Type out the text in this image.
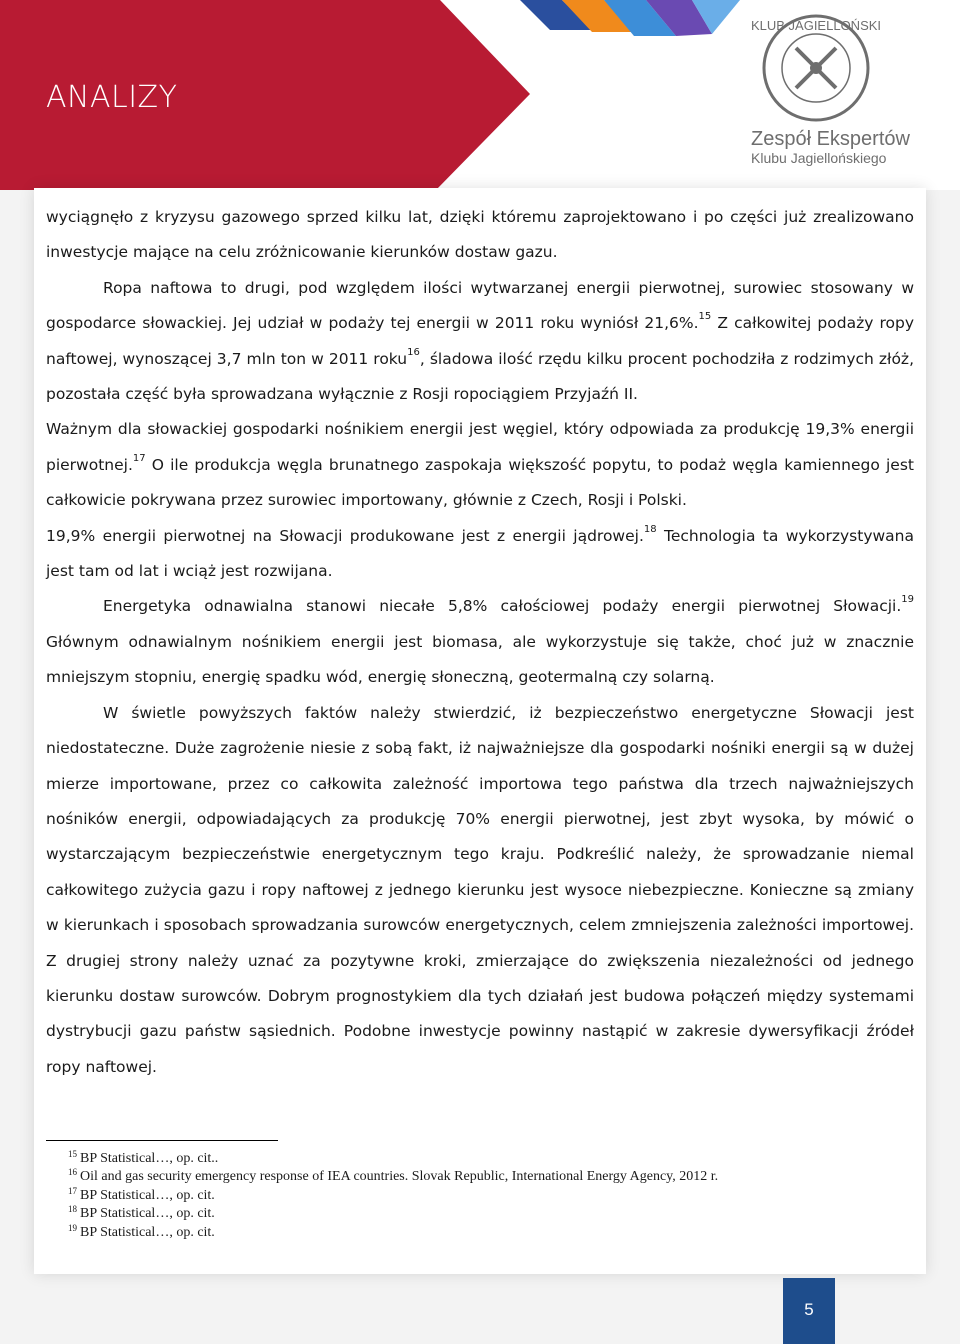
KLUB JAGIELLOŃSKI
ANALIZY
Zespół Ekspertów
Klubu Jagiellońskiego

wyciągnęło z kryzysu gazowego sprzed kilku lat, dzięki któremu zaprojektowano i po części już zrealizowano inwestycje mające na celu zróżnicowanie kierunków dostaw gazu.

Ropa naftowa to drugi, pod względem ilości wytwarzanej energii pierwotnej, surowiec stosowany w gospodarce słowackiej. Jej udział w podaży tej energii w 2011 roku wyniósł 21,6%.$^{15}$ Z całkowitej podaży ropy naftowej, wynoszącej 3,7 mln ton w 2011 roku$^{16}$, śladowa ilość rzędu kilku procent pochodziła z rodzimych złóż, pozostała część była sprowadzana wyłącznie z Rosji ropociągiem Przyjaźń II.

Ważnym dla słowackiej gospodarki nośnikiem energii jest węgiel, który odpowiada za produkcję 19,3% energii pierwotnej.$^{17}$ O ile produkcja węgla brunatnego zaspokaja większość popytu, to podaż węgla kamiennego jest całkowicie pokrywana przez surowiec importowany, głównie z Czech, Rosji i Polski.

19,9% energii pierwotnej na Słowacji produkowane jest z energii jądrowej.$^{18}$ Technologia ta wykorzystywana jest tam od lat i wciąż jest rozwijana.

Energetyka odnawialna stanowi niecałe 5,8% całościowej podaży energii pierwotnej Słowacji.$^{19}$ Głównym odnawialnym nośnikiem energii jest biomasa, ale wykorzystuje się także, choć już w znacznie mniejszym stopniu, energię spadku wód, energię słoneczną, geotermalną czy solarną.

W świetle powyższych faktów należy stwierdzić, iż bezpieczeństwo energetyczne Słowacji jest niedostateczne. Duże zagrożenie niesie z sobą fakt, iż najważniejsze dla gospodarki nośniki energii są w dużej mierze importowane, przez co całkowita zależność importowa tego państwa dla trzech najważniejszych nośników energii, odpowiadających za produkcję 70% energii pierwotnej, jest zbyt wysoka, by mówić o wystarczającym bezpieczeństwie energetycznym tego kraju. Podkreślić należy, że sprowadzanie niemal całkowitego zużycia gazu i ropy naftowej z jednego kierunku jest wysoce niebezpieczne. Konieczne są zmiany w kierunkach i sposobach sprowadzania surowców energetycznych, celem zmniejszenia zależności importowej. Z drugiej strony należy uznać za pozytywne kroki, zmierzające do zwiększenia niezależności od jednego kierunku dostaw surowców. Dobrym prognostykiem dla tych działań jest budowa połączeń między systemami dystrybucji gazu państw sąsiednich. Podobne inwestycje powinny nastąpić w zakresie dywersyfikacji źródeł ropy naftowej.

$^{15}$ BP Statistical…, op. cit..
$^{16}$ Oil and gas security emergency response of IEA countries. Slovak Republic, International Energy Agency, 2012 r.
$^{17}$ BP Statistical…, op. cit.
$^{18}$ BP Statistical…, op. cit.
$^{19}$ BP Statistical…, op. cit.
5
